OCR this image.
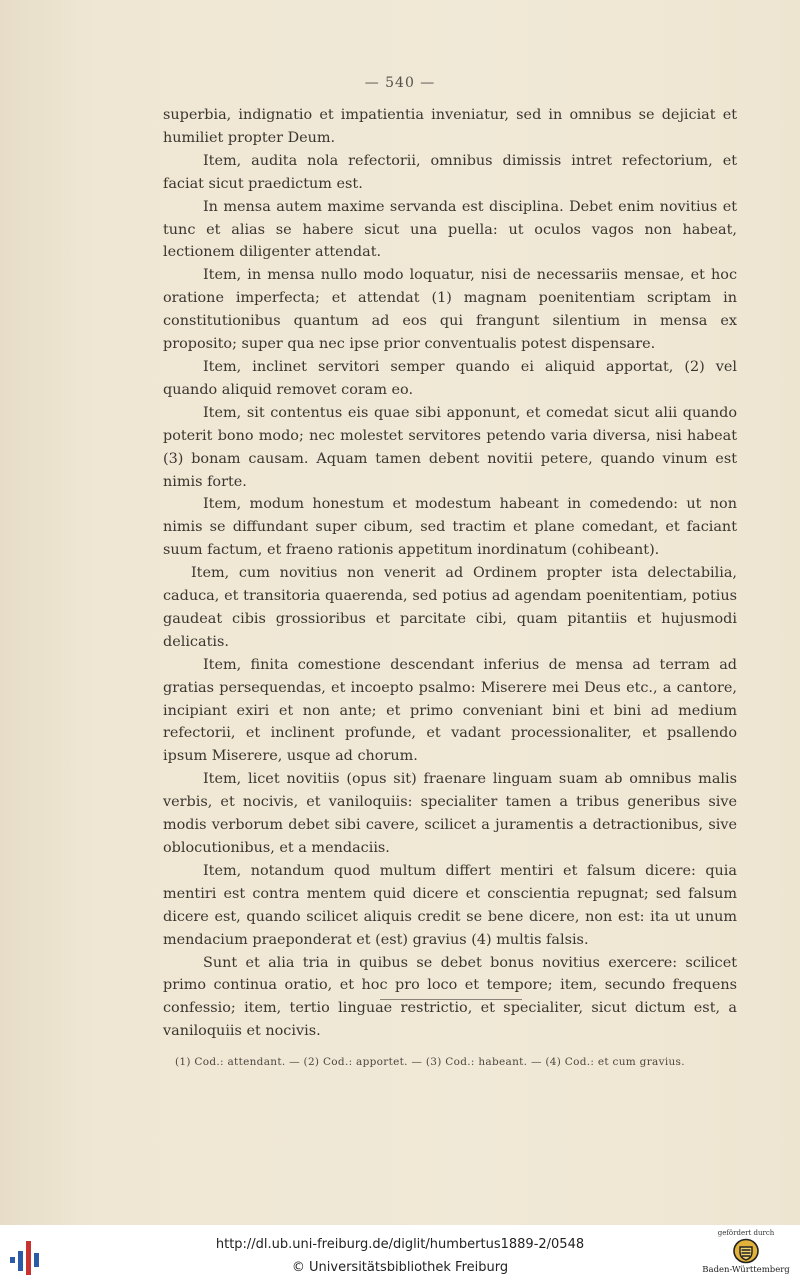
— 540 —

superbia, indignatio et impatientia inveniatur, sed in omnibus se dejiciat et humiliet propter Deum.

Item, audita nola refectorii, omnibus dimissis intret refectorium, et faciat sicut praedictum est.

In mensa autem maxime servanda est disciplina. Debet enim novitius et tunc et alias se habere sicut una puella: ut oculos vagos non habeat, lectionem diligenter attendat.

Item, in mensa nullo modo loquatur, nisi de necessariis mensae, et hoc oratione imperfecta; et attendat (1) magnam poenitentiam scriptam in constitutionibus quantum ad eos qui frangunt silentium in mensa ex proposito; super qua nec ipse prior conventualis potest dispensare.

Item, inclinet servitori semper quando ei aliquid apportat, (2) vel quando aliquid removet coram eo.

Item, sit contentus eis quae sibi apponunt, et comedat sicut alii quando poterit bono modo; nec molestet servitores petendo varia diversa, nisi habeat (3) bonam causam. Aquam tamen debent novitii petere, quando vinum est nimis forte.

Item, modum honestum et modestum habeant in comedendo: ut non nimis se diffundant super cibum, sed tractim et plane comedant, et faciant suum factum, et fraeno rationis appetitum inordinatum (cohibeant).

Item, cum novitius non venerit ad Ordinem propter ista delectabilia, caduca, et transitoria quaerenda, sed potius ad agendam poenitentiam, potius gaudeat cibis grossioribus et parcitate cibi, quam pitantiis et hujusmodi delicatis.

Item, finita comestione descendant inferius de mensa ad terram ad gratias persequendas, et incoepto psalmo: Miserere mei Deus etc., a cantore, incipiant exiri et non ante; et primo conveniant bini et bini ad medium refectorii, et inclinent profunde, et vadant processionaliter, et psallendo ipsum Miserere, usque ad chorum.

Item, licet novitiis (opus sit) fraenare linguam suam ab omnibus malis verbis, et nocivis, et vaniloquiis: specialiter tamen a tribus generibus sive modis verborum debet sibi cavere, scilicet a juramentis a detractionibus, sive oblocutionibus, et a mendaciis.

Item, notandum quod multum differt mentiri et falsum dicere: quia mentiri est contra mentem quid dicere et conscientia repugnat; sed falsum dicere est, quando scilicet aliquis credit se bene dicere, non est: ita ut unum mendacium praeponderat et (est) gravius (4) multis falsis.

Sunt et alia tria in quibus se debet bonus novitius exercere: scilicet primo continua oratio, et hoc pro loco et tempore; item, secundo frequens confessio; item, tertio linguae restrictio, et specialiter, sicut dictum est, a vaniloquiis et nocivis.

(1) Cod.: attendant. — (2) Cod.: apportet. — (3) Cod.: habeant. — (4) Cod.: et cum gravius.
http://dl.ub.uni-freiburg.de/diglit/humbertus1889-2/0548
© Universitätsbibliothek Freiburg
gefördert durch
Baden-Württemberg
